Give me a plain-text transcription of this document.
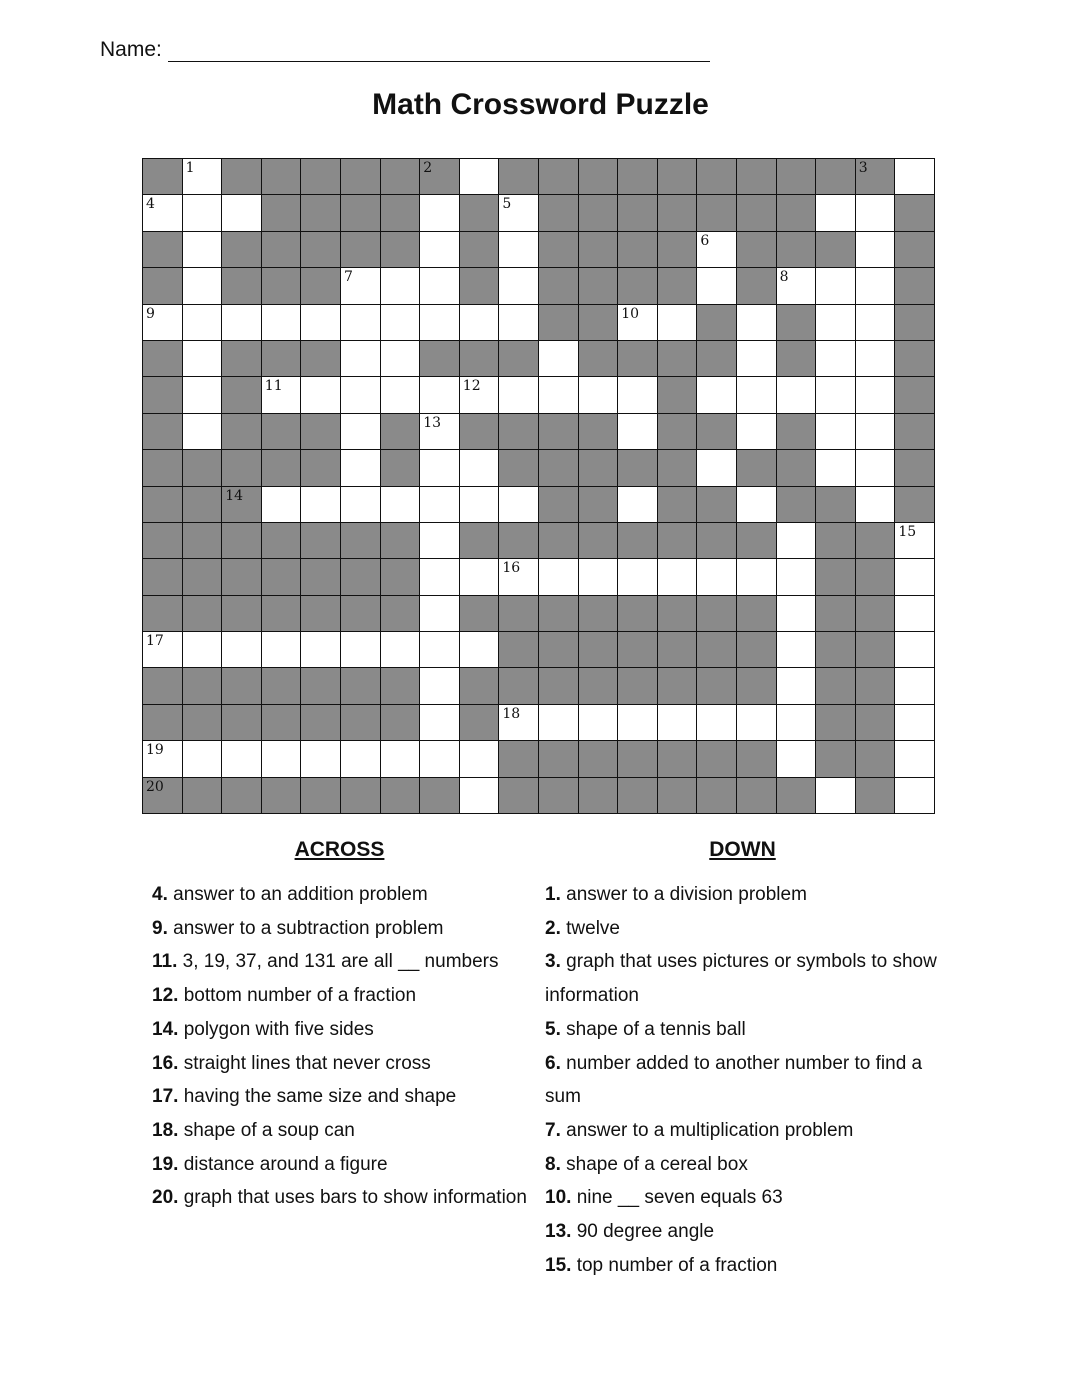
Name:
Math Crossword Puzzle
1	2	3
4	5
6
7	8
9	10
11	12
13
14
15
16
17
18
19
20
ACROSS
4. answer to an addition problem
9. answer to a subtraction problem
11. 3, 19, 37, and 131 are all __ numbers
12. bottom number of a fraction
14. polygon with five sides
16. straight lines that never cross
17. having the same size and shape
18. shape of a soup can
19. distance around a figure
20. graph that uses bars to show information
DOWN
1. answer to a division problem
2. twelve
3. graph that uses pictures or symbols to show information
5. shape of a tennis ball
6. number added to another number to find a sum
7. answer to a multiplication problem
8. shape of a cereal box
10. nine __ seven equals 63
13. 90 degree angle
15. top number of a fraction
